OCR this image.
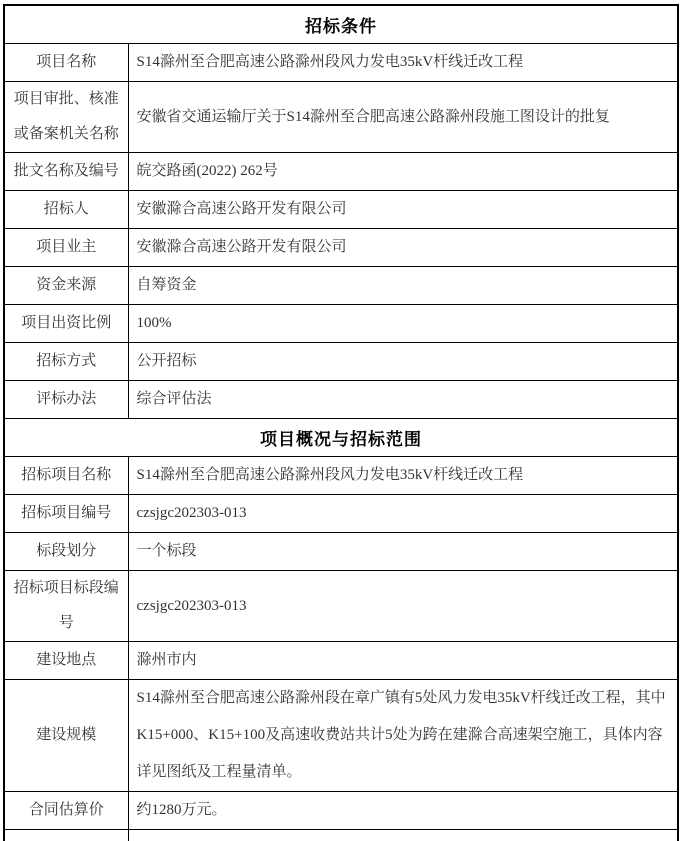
招标条件	
项目名称	S14滁州至合肥高速公路滁州段风力发电35kV杆线迁改工程
项目审批、核准或备案机关名称	安徽省交通运输厅关于S14滁州至合肥高速公路滁州段施工图设计的批复
批文名称及编号	皖交路函(2022) 262号
招标人	安徽滁合高速公路开发有限公司
项目业主	安徽滁合高速公路开发有限公司
资金来源	自筹资金
项目出资比例	100%
招标方式	公开招标
评标办法	综合评估法
项目概况与招标范围	
招标项目名称	S14滁州至合肥高速公路滁州段风力发电35kV杆线迁改工程
招标项目编号	czsjgc202303-013
标段划分	一个标段
招标项目标段编号	czsjgc202303-013
建设地点	滁州市内
建设规模	S14滁州至合肥高速公路滁州段在章广镇有5处风力发电35kV杆线迁改工程，其中K15+000、K15+100及高速收费站共计5处为跨在建滁合高速架空施工，具体内容详见图纸及工程量清单。
合同估算价	约1280万元。
